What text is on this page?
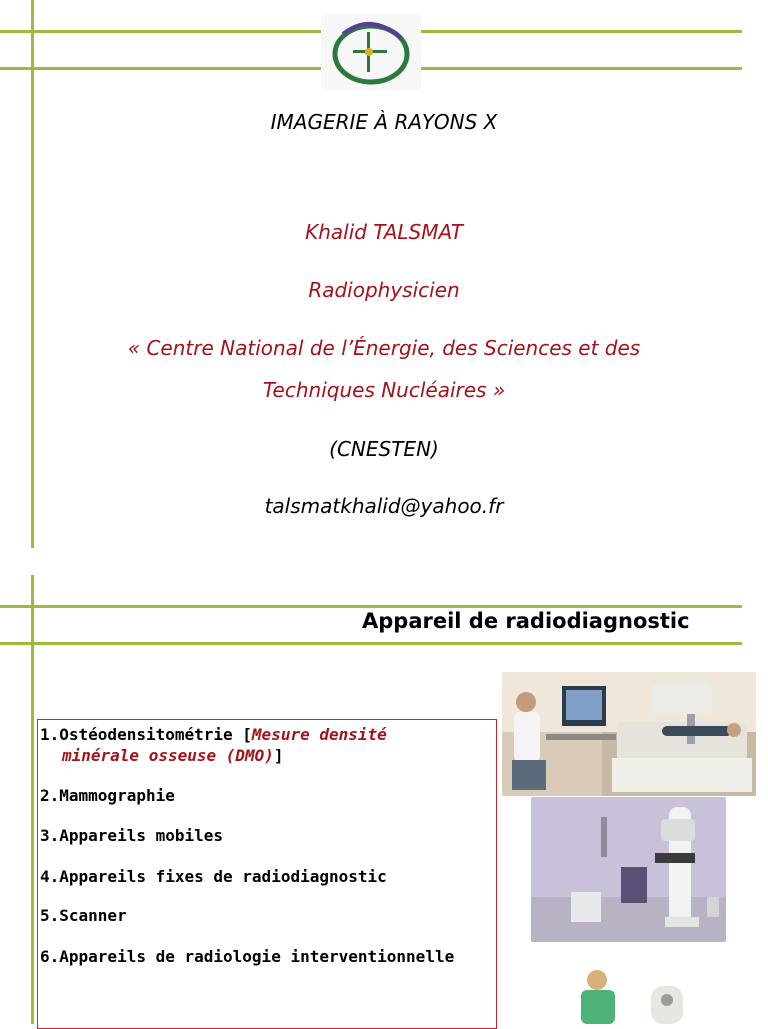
IMAGERIE À RAYONS X
Khalid TALSMAT
Radiophysicien
« Centre National de l’Énergie, des Sciences et des
Techniques Nucléaires »
(CNESTEN)
talsmatkhalid@yahoo.fr
Appareil de radiodiagnostic
1.Ostéodensitométrie [Mesure densité
minérale osseuse (DMO)]
2.Mammographie
3.Appareils mobiles
4.Appareils fixes de radiodiagnostic
5.Scanner
6.Appareils de radiologie interventionnelle
